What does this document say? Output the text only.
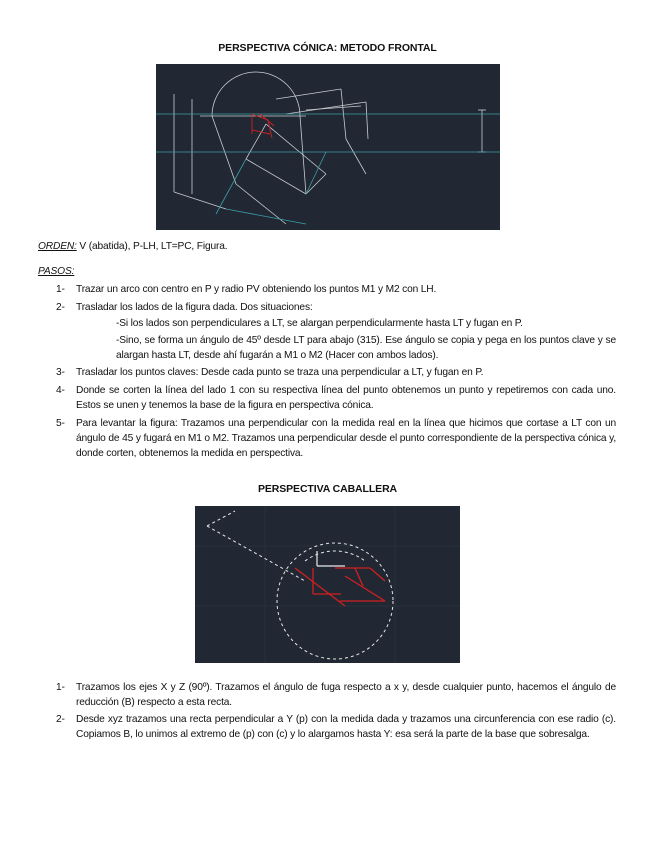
PERSPECTIVA CÓNICA: METODO FRONTAL
ORDEN: V (abatida), P-LH, LT=PC, Figura.
PASOS:
1-	Trazar un arco con centro en P y radio PV obteniendo los puntos M1 y M2 con LH.
2-	Trasladar los lados de la figura dada. Dos situaciones:
-Si los lados son perpendiculares a LT, se alargan perpendicularmente hasta LT y fugan en P.
-Sino, se forma un ángulo de 45º desde LT para abajo (315). Ese ángulo se copia y pega en los puntos clave y se alargan hasta LT, desde ahí fugarán a M1 o M2 (Hacer con ambos lados).
3-	Trasladar los puntos claves: Desde cada punto se traza una perpendicular a LT, y fugan en P.
4-	Donde se corten la línea del lado 1 con su respectiva línea del punto obtenemos un punto y repetiremos con cada uno. Estos se unen y tenemos la base de la figura en perspectiva cónica.
5-	Para levantar la figura: Trazamos una perpendicular con la medida real en la línea que hicimos que cortase a LT con un ángulo de 45 y fugará en M1 o M2. Trazamos una perpendicular desde el punto correspondiente de la perspectiva cónica y, donde corten, obtenemos la medida en perspectiva.
PERSPECTIVA CABALLERA
1-	Trazamos los ejes X y Z (90º). Trazamos el ángulo de fuga respecto a x y, desde cualquier punto, hacemos el ángulo de reducción (B) respecto a esta recta.
2-	Desde xyz trazamos una recta perpendicular a Y (p) con la medida dada y trazamos una circunferencia con ese radio (c). Copiamos B, lo unimos al extremo de (p) con (c) y lo alargamos hasta Y: esa será la parte de la base que sobresalga.
